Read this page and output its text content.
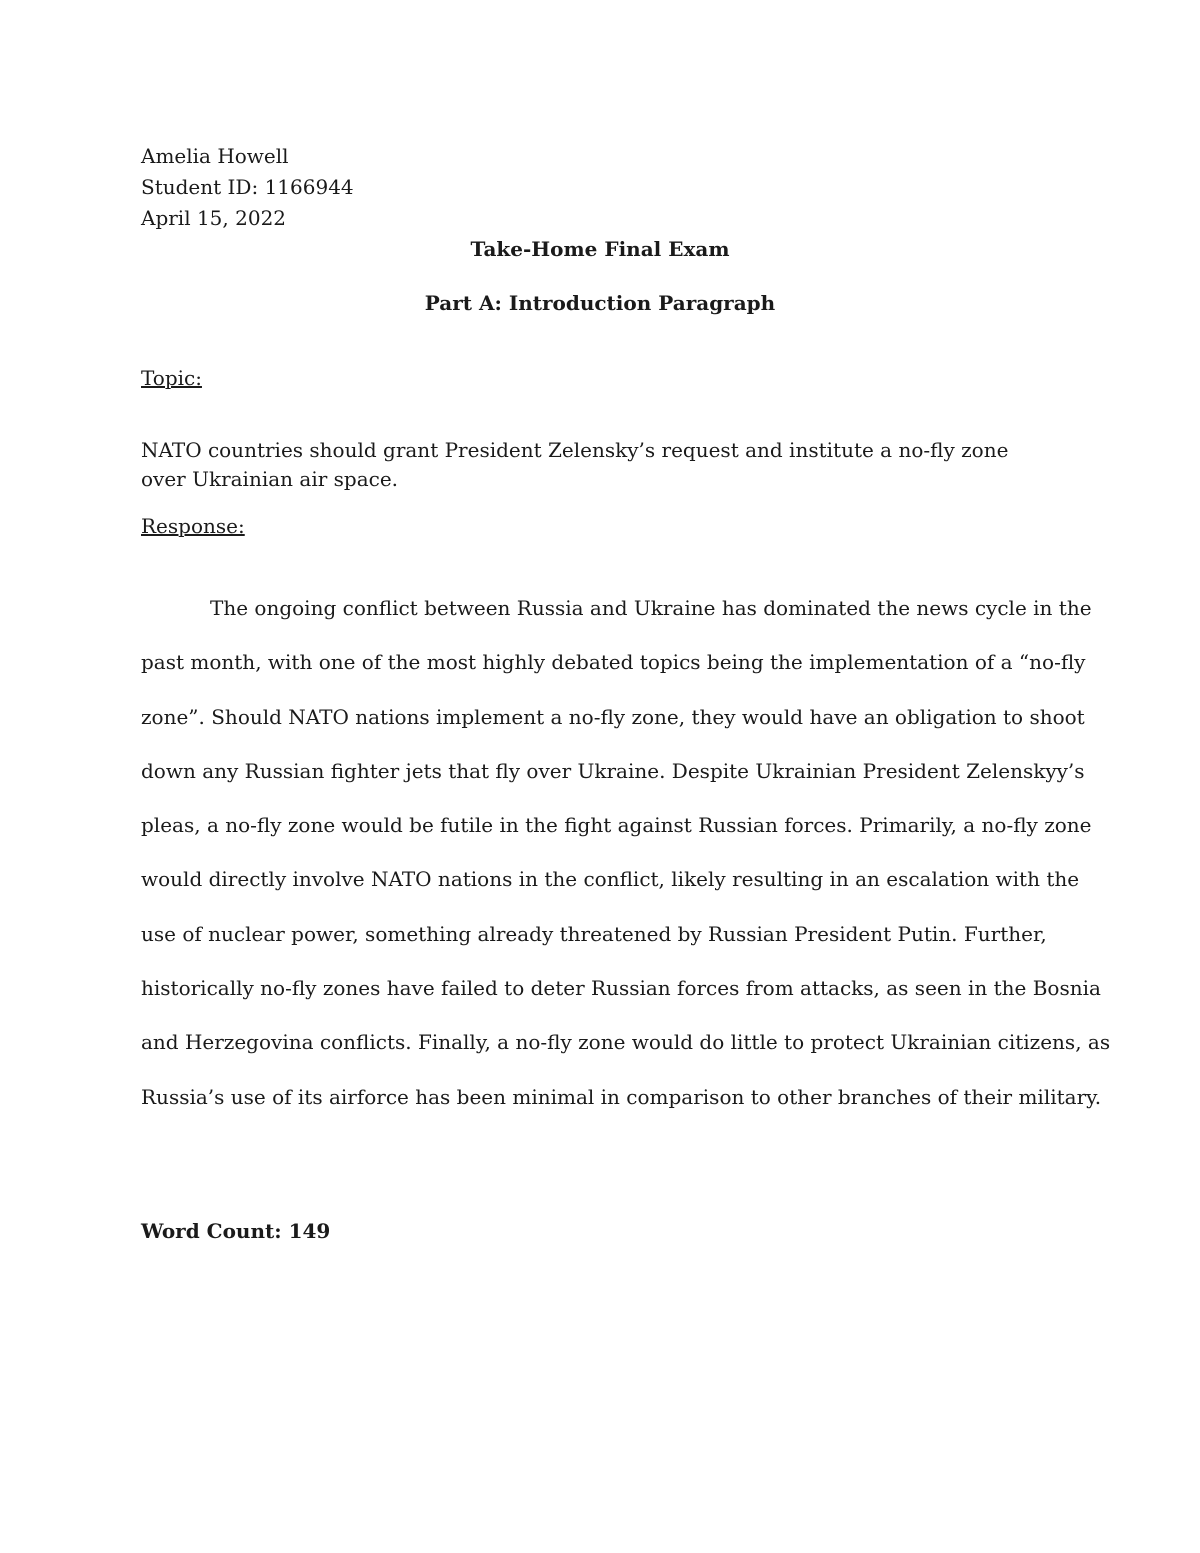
Amelia Howell
Student ID: 1166944
April 15, 2022
Take-Home Final Exam
Part A: Introduction Paragraph
Topic:
NATO countries should grant President Zelensky’s request and institute a no-fly zone over Ukrainian air space.
Response:
The ongoing conflict between Russia and Ukraine has dominated the news cycle in the
past month, with one of the most highly debated topics being the implementation of a “no-fly
zone”. Should NATO nations implement a no-fly zone, they would have an obligation to shoot
down any Russian fighter jets that fly over Ukraine. Despite Ukrainian President Zelenskyy’s
pleas, a no-fly zone would be futile in the fight against Russian forces. Primarily, a no-fly zone
would directly involve NATO nations in the conflict, likely resulting in an escalation with the
use of nuclear power, something already threatened by Russian President Putin. Further,
historically no-fly zones have failed to deter Russian forces from attacks, as seen in the Bosnia
and Herzegovina conflicts. Finally, a no-fly zone would do little to protect Ukrainian citizens, as
Russia’s use of its airforce has been minimal in comparison to other branches of their military.
Word Count: 149
